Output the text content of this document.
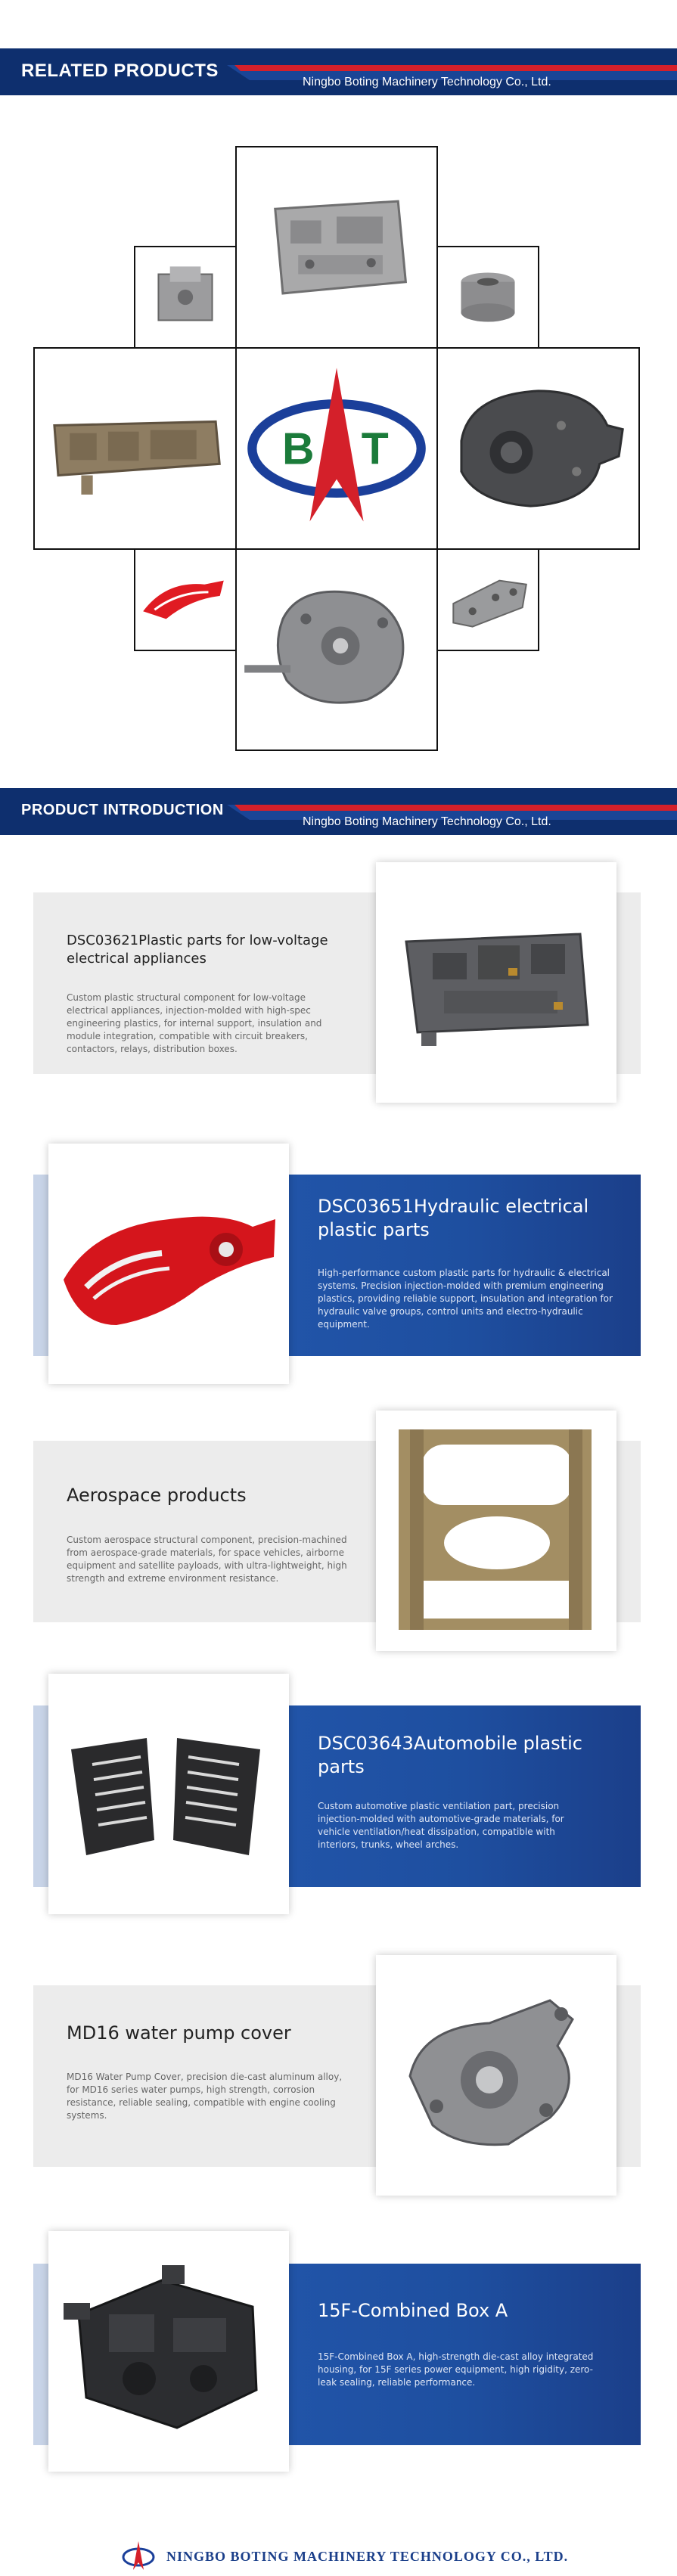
RELATED PRODUCTS
Ningbo Boting Machinery Technology Co., Ltd.
B T
PRODUCT INTRODUCTION
Ningbo Boting Machinery Technology Co., Ltd.
DSC03621Plastic parts for low-voltage electrical appliances
Custom plastic structural component for low-voltage electrical appliances, injection-molded with high-spec engineering plastics, for internal support, insulation and module integration, compatible with circuit breakers, contactors, relays, distribution boxes.
DSC03651Hydraulic electrical plastic parts
High-performance custom plastic parts for hydraulic & electrical systems. Precision injection-molded with premium engineering plastics, providing reliable support, insulation and integration for hydraulic valve groups, control units and electro-hydraulic equipment.
Aerospace products
Custom aerospace structural component, precision-machined from aerospace-grade materials, for space vehicles, airborne equipment and satellite payloads, with ultra-lightweight, high strength and extreme environment resistance.
DSC03643Automobile plastic parts
Custom automotive plastic ventilation part, precision injection-molded with automotive-grade materials, for vehicle ventilation/heat dissipation, compatible with interiors, trunks, wheel arches.
MD16 water pump cover
MD16 Water Pump Cover, precision die-cast aluminum alloy, for MD16 series water pumps, high strength, corrosion resistance, reliable sealing, compatible with engine cooling systems.
15F-Combined Box A
15F-Combined Box A, high-strength die-cast alloy integrated housing, for 15F series power equipment, high rigidity, zero-leak sealing, reliable performance.
NINGBO BOTING MACHINERY TECHNOLOGY CO., LTD.
